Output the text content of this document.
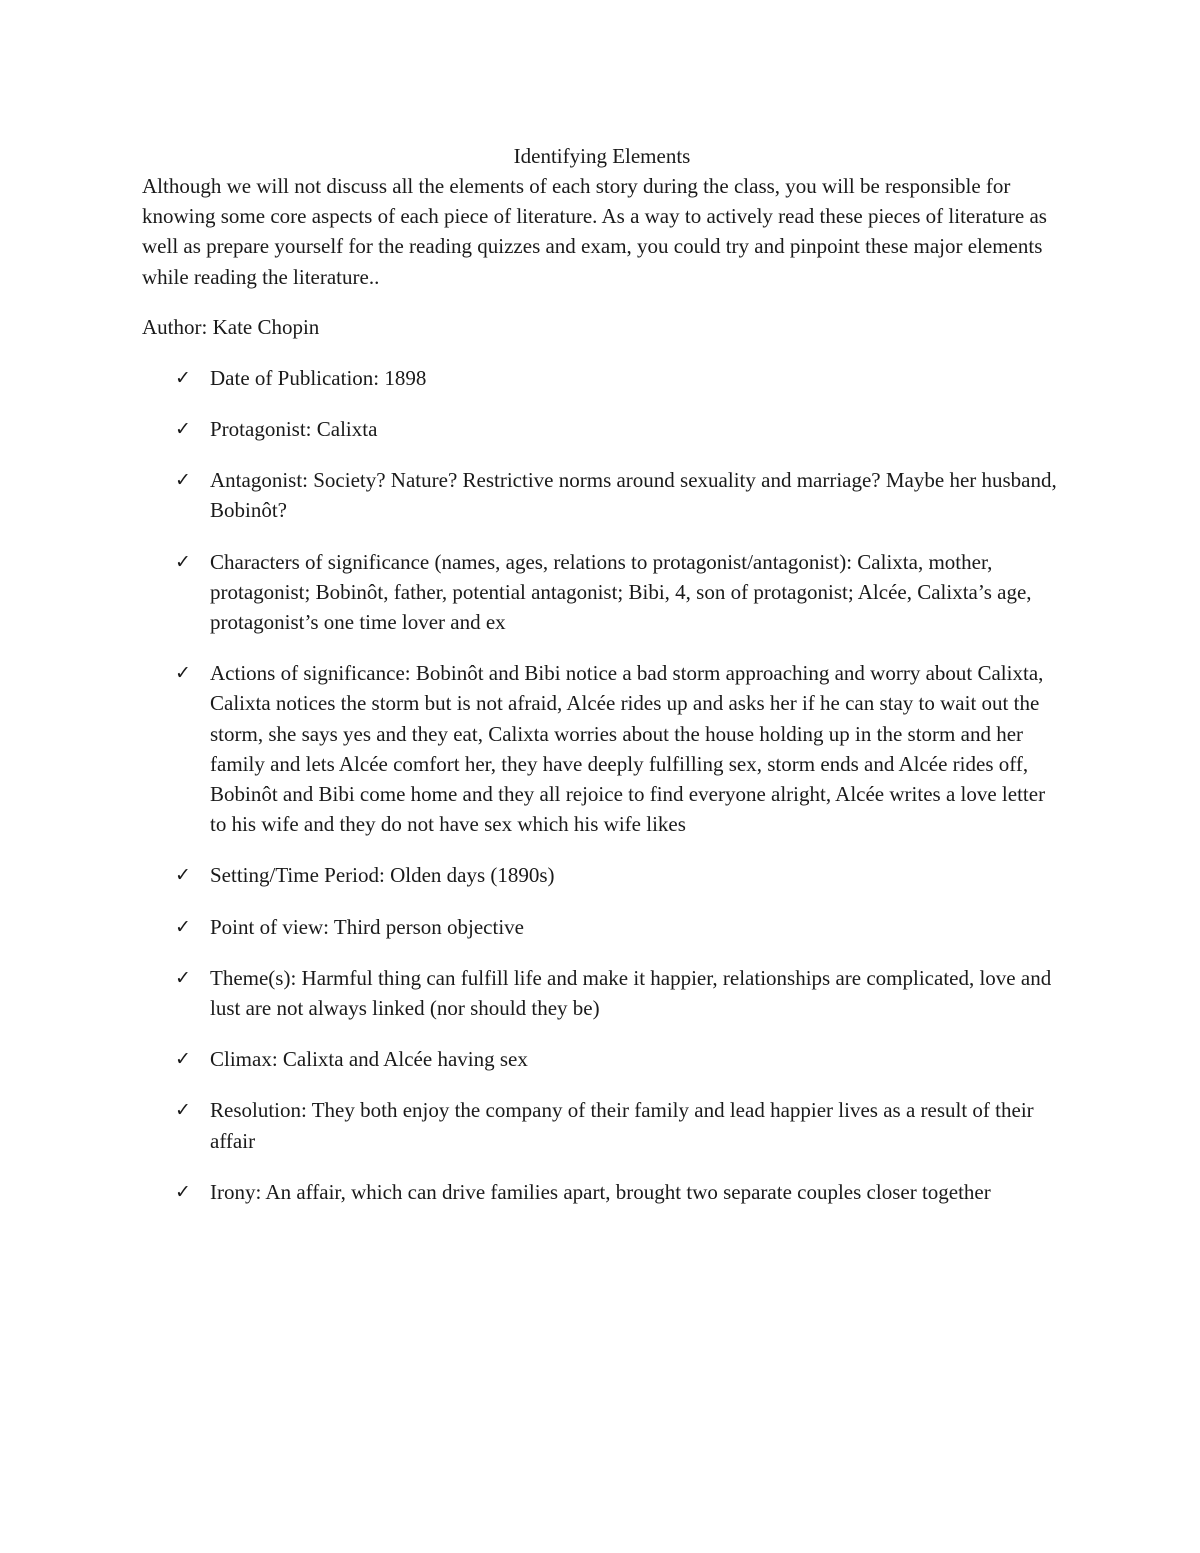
Identifying Elements

Although we will not discuss all the elements of each story during the class, you will be responsible for knowing some core aspects of each piece of literature. As a way to actively read these pieces of literature as well as prepare yourself for the reading quizzes and exam, you could try and pinpoint these major elements while reading the literature..

Author: Kate Chopin

✓ Date of Publication: 1898
✓ Protagonist: Calixta
✓ Antagonist: Society? Nature? Restrictive norms around sexuality and marriage? Maybe her husband, Bobinôt?
✓ Characters of significance (names, ages, relations to protagonist/antagonist): Calixta, mother, protagonist; Bobinôt, father, potential antagonist; Bibi, 4, son of protagonist; Alcée, Calixta’s age, protagonist’s one time lover and ex
✓ Actions of significance: Bobinôt and Bibi notice a bad storm approaching and worry about Calixta, Calixta notices the storm but is not afraid, Alcée rides up and asks her if he can stay to wait out the storm, she says yes and they eat, Calixta worries about the house holding up in the storm and her family and lets Alcée comfort her, they have deeply fulfilling sex, storm ends and Alcée rides off, Bobinôt and Bibi come home and they all rejoice to find everyone alright, Alcée writes a love letter to his wife and they do not have sex which his wife likes
✓ Setting/Time Period: Olden days (1890s)
✓ Point of view: Third person objective
✓ Theme(s): Harmful thing can fulfill life and make it happier, relationships are complicated, love and lust are not always linked (nor should they be)
✓ Climax: Calixta and Alcée having sex
✓ Resolution: They both enjoy the company of their family and lead happier lives as a result of their affair
✓ Irony: An affair, which can drive families apart, brought two separate couples closer together
